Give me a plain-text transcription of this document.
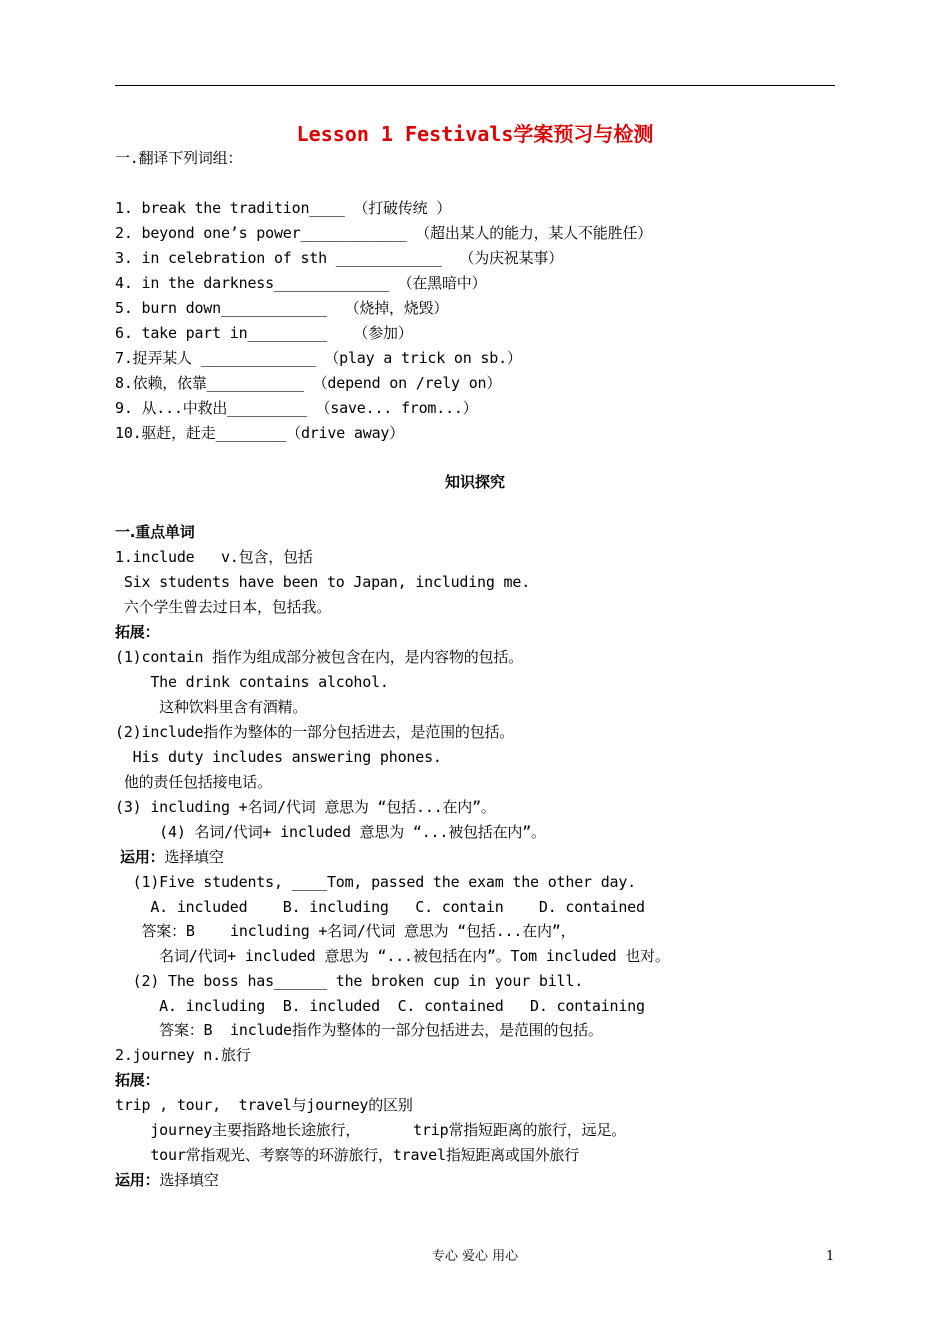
Lesson 1 Festivals学案预习与检测
一.翻译下列词组：
1. break the tradition____ （打破传统 ）
2. beyond one’s power____________ （超出某人的能力，某人不能胜任）
3. in celebration of sth ____________  （为庆祝某事）
4. in the darkness_____________ （在黑暗中）
5. burn down____________  （烧掉，烧毁）
6. take part in_________   （参加）
7.捉弄某人 _____________ （play a trick on sb.）
8.依赖，依靠___________ （depend on /rely on）
9. 从...中救出_________ （save... from...）
10.驱赶，赶走________（drive away）
知识探究
一.重点单词
1.include   v.包含，包括
Six students have been to Japan, including me.
六个学生曾去过日本，包括我。
拓展：
(1)contain 指作为组成部分被包含在内，是内容物的包括。
The drink contains alcohol.
这种饮料里含有酒精。
(2)include指作为整体的一部分包括进去，是范围的包括。
His duty includes answering phones.
他的责任包括接电话。
(3) including +名词/代词 意思为 “包括...在内”。
(4) 名词/代词+ included 意思为 “...被包括在内”。
运用：选择填空
(1)Five students, ____Tom, passed the exam the other day.
A. included    B. including   C. contain    D. contained
答案：B    including +名词/代词 意思为 “包括...在内”，
名词/代词+ included 意思为 “...被包括在内”。Tom included 也对。
(2) The boss has______ the broken cup in your bill.
A. including  B. included  C. contained   D. containing
答案：B  include指作为整体的一部分包括进去，是范围的包括。
2.journey n.旅行
拓展：
trip , tour,  travel与journey的区别
journey主要指路地长途旅行，      trip常指短距离的旅行，远足。
tour常指观光、考察等的环游旅行，travel指短距离或国外旅行
运用：选择填空
专心 爱心 用心	1
